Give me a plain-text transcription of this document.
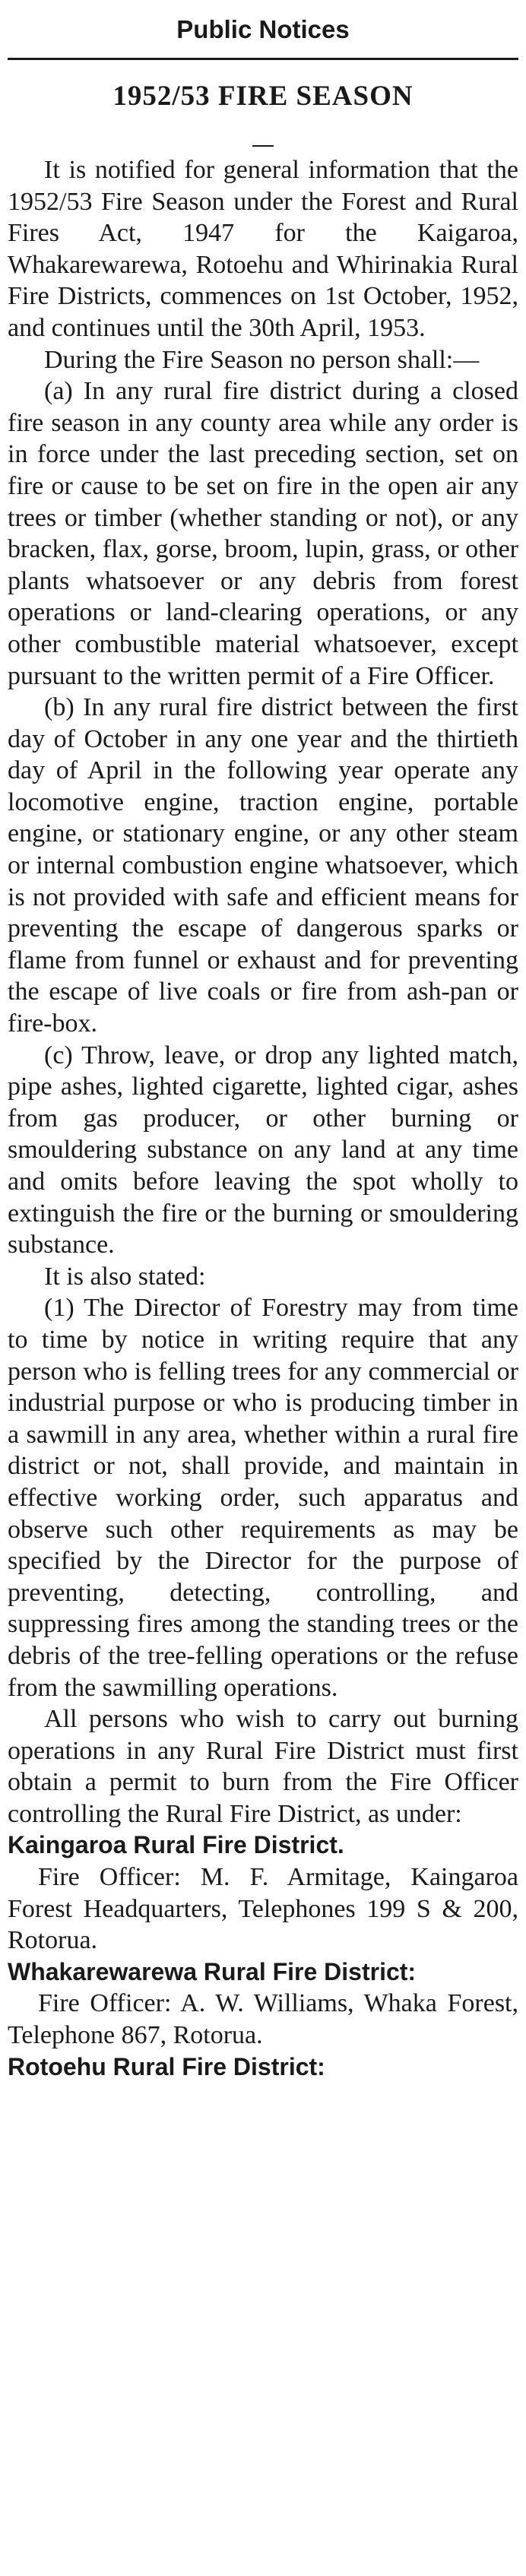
Public Notices
1952/53 FIRE SEASON

It is notified for general information that the 1952/53 Fire Season under the Forest and Rural Fires Act, 1947 for the Kaigaroa, Whakarewarewa, Rotoehu and Whirinakia Rural Fire Districts, commences on 1st October, 1952, and continues until the 30th April, 1953.

During the Fire Season no person shall:—

(a) In any rural fire district during a closed fire season in any county area while any order is in force under the last preceding section, set on fire or cause to be set on fire in the open air any trees or timber (whether standing or not), or any bracken, flax, gorse, broom, lupin, grass, or other plants whatsoever or any debris from forest operations or land-clearing operations, or any other combustible material whatsoever, except pursuant to the written permit of a Fire Officer.

(b) In any rural fire district between the first day of October in any one year and the thirtieth day of April in the following year operate any locomotive engine, traction engine, portable engine, or stationary engine, or any other steam or internal combustion engine whatsoever, which is not provided with safe and efficient means for preventing the escape of dangerous sparks or flame from funnel or exhaust and for preventing the escape of live coals or fire from ash-pan or fire-box.

(c) Throw, leave, or drop any lighted match, pipe ashes, lighted cigarette, lighted cigar, ashes from gas producer, or other burning or smouldering substance on any land at any time and omits before leaving the spot wholly to extinguish the fire or the burning or smouldering substance.

It is also stated:

(1) The Director of Forestry may from time to time by notice in writing require that any person who is felling trees for any commercial or industrial purpose or who is producing timber in a sawmill in any area, whether within a rural fire district or not, shall provide, and maintain in effective working order, such apparatus and observe such other requirements as may be specified by the Director for the purpose of preventing, detecting, controlling, and suppressing fires among the standing trees or the debris of the tree-felling operations or the refuse from the sawmilling operations.

All persons who wish to carry out burning operations in any Rural Fire District must first obtain a permit to burn from the Fire Officer controlling the Rural Fire District, as under:

Kaingaroa Rural Fire District.

Fire Officer: M. F. Armitage, Kaingaroa Forest Headquarters, Telephones 199 S & 200, Rotorua.

Whakarewarewa Rural Fire District:

Fire Officer: A. W. Williams, Whaka Forest, Telephone 867, Rotorua.

Rotoehu Rural Fire District:
